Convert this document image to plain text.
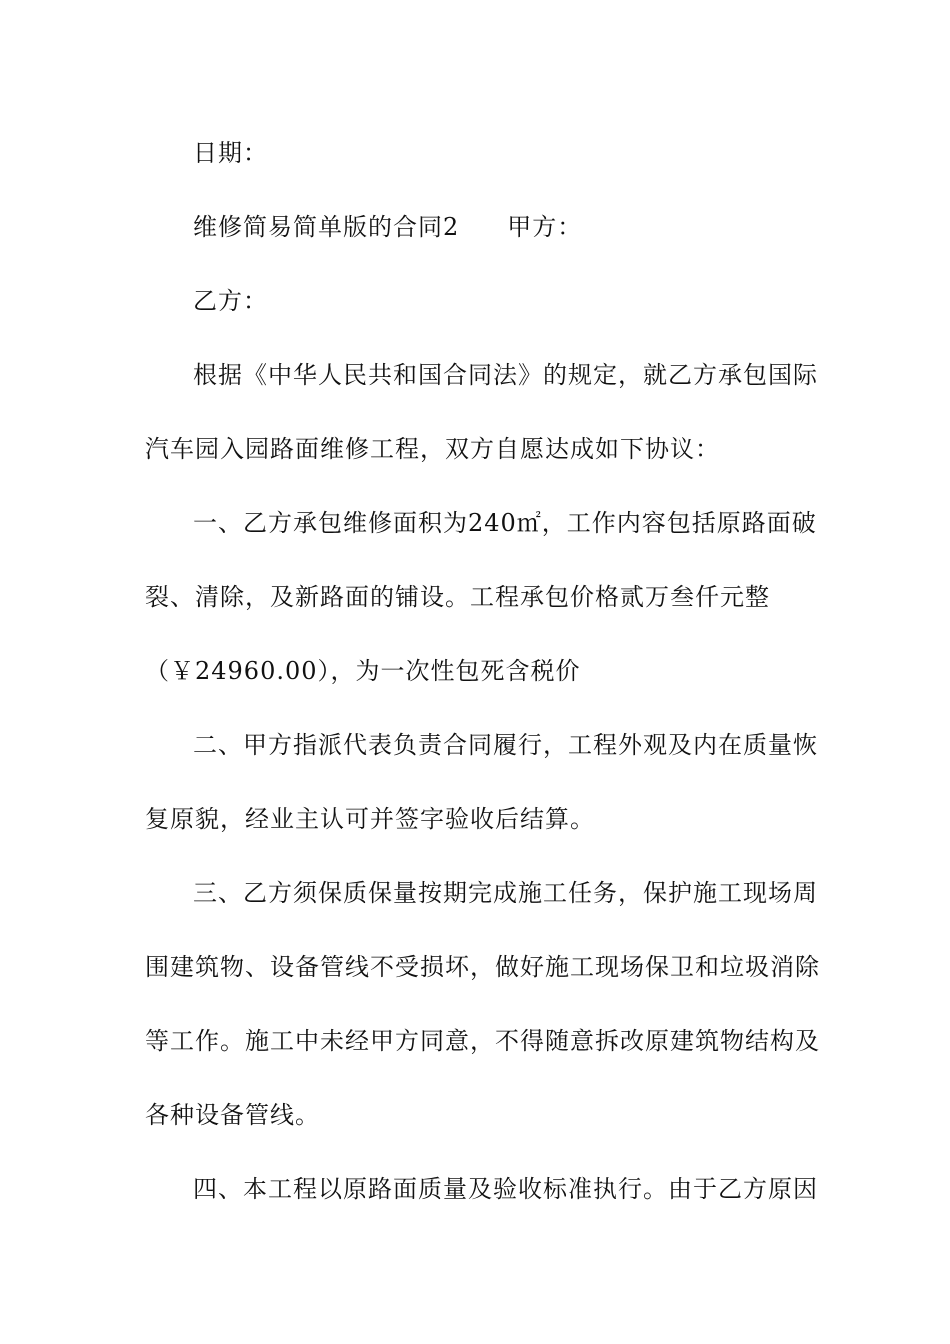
日期：
维修简易简单版的合同2 甲方：
乙方：
根据《中华人民共和国合同法》的规定，就乙方承包国际
汽车园入园路面维修工程，双方自愿达成如下协议：
一、乙方承包维修面积为240㎡，工作内容包括原路面破
裂、清除，及新路面的铺设。工程承包价格贰万叁仟元整
（￥24960.00），为一次性包死含税价
二、甲方指派代表负责合同履行，工程外观及内在质量恢
复原貌，经业主认可并签字验收后结算。
三、乙方须保质保量按期完成施工任务，保护施工现场周
围建筑物、设备管线不受损坏，做好施工现场保卫和垃圾消除
等工作。施工中未经甲方同意，不得随意拆改原建筑物结构及
各种设备管线。
四、本工程以原路面质量及验收标准执行。由于乙方原因
